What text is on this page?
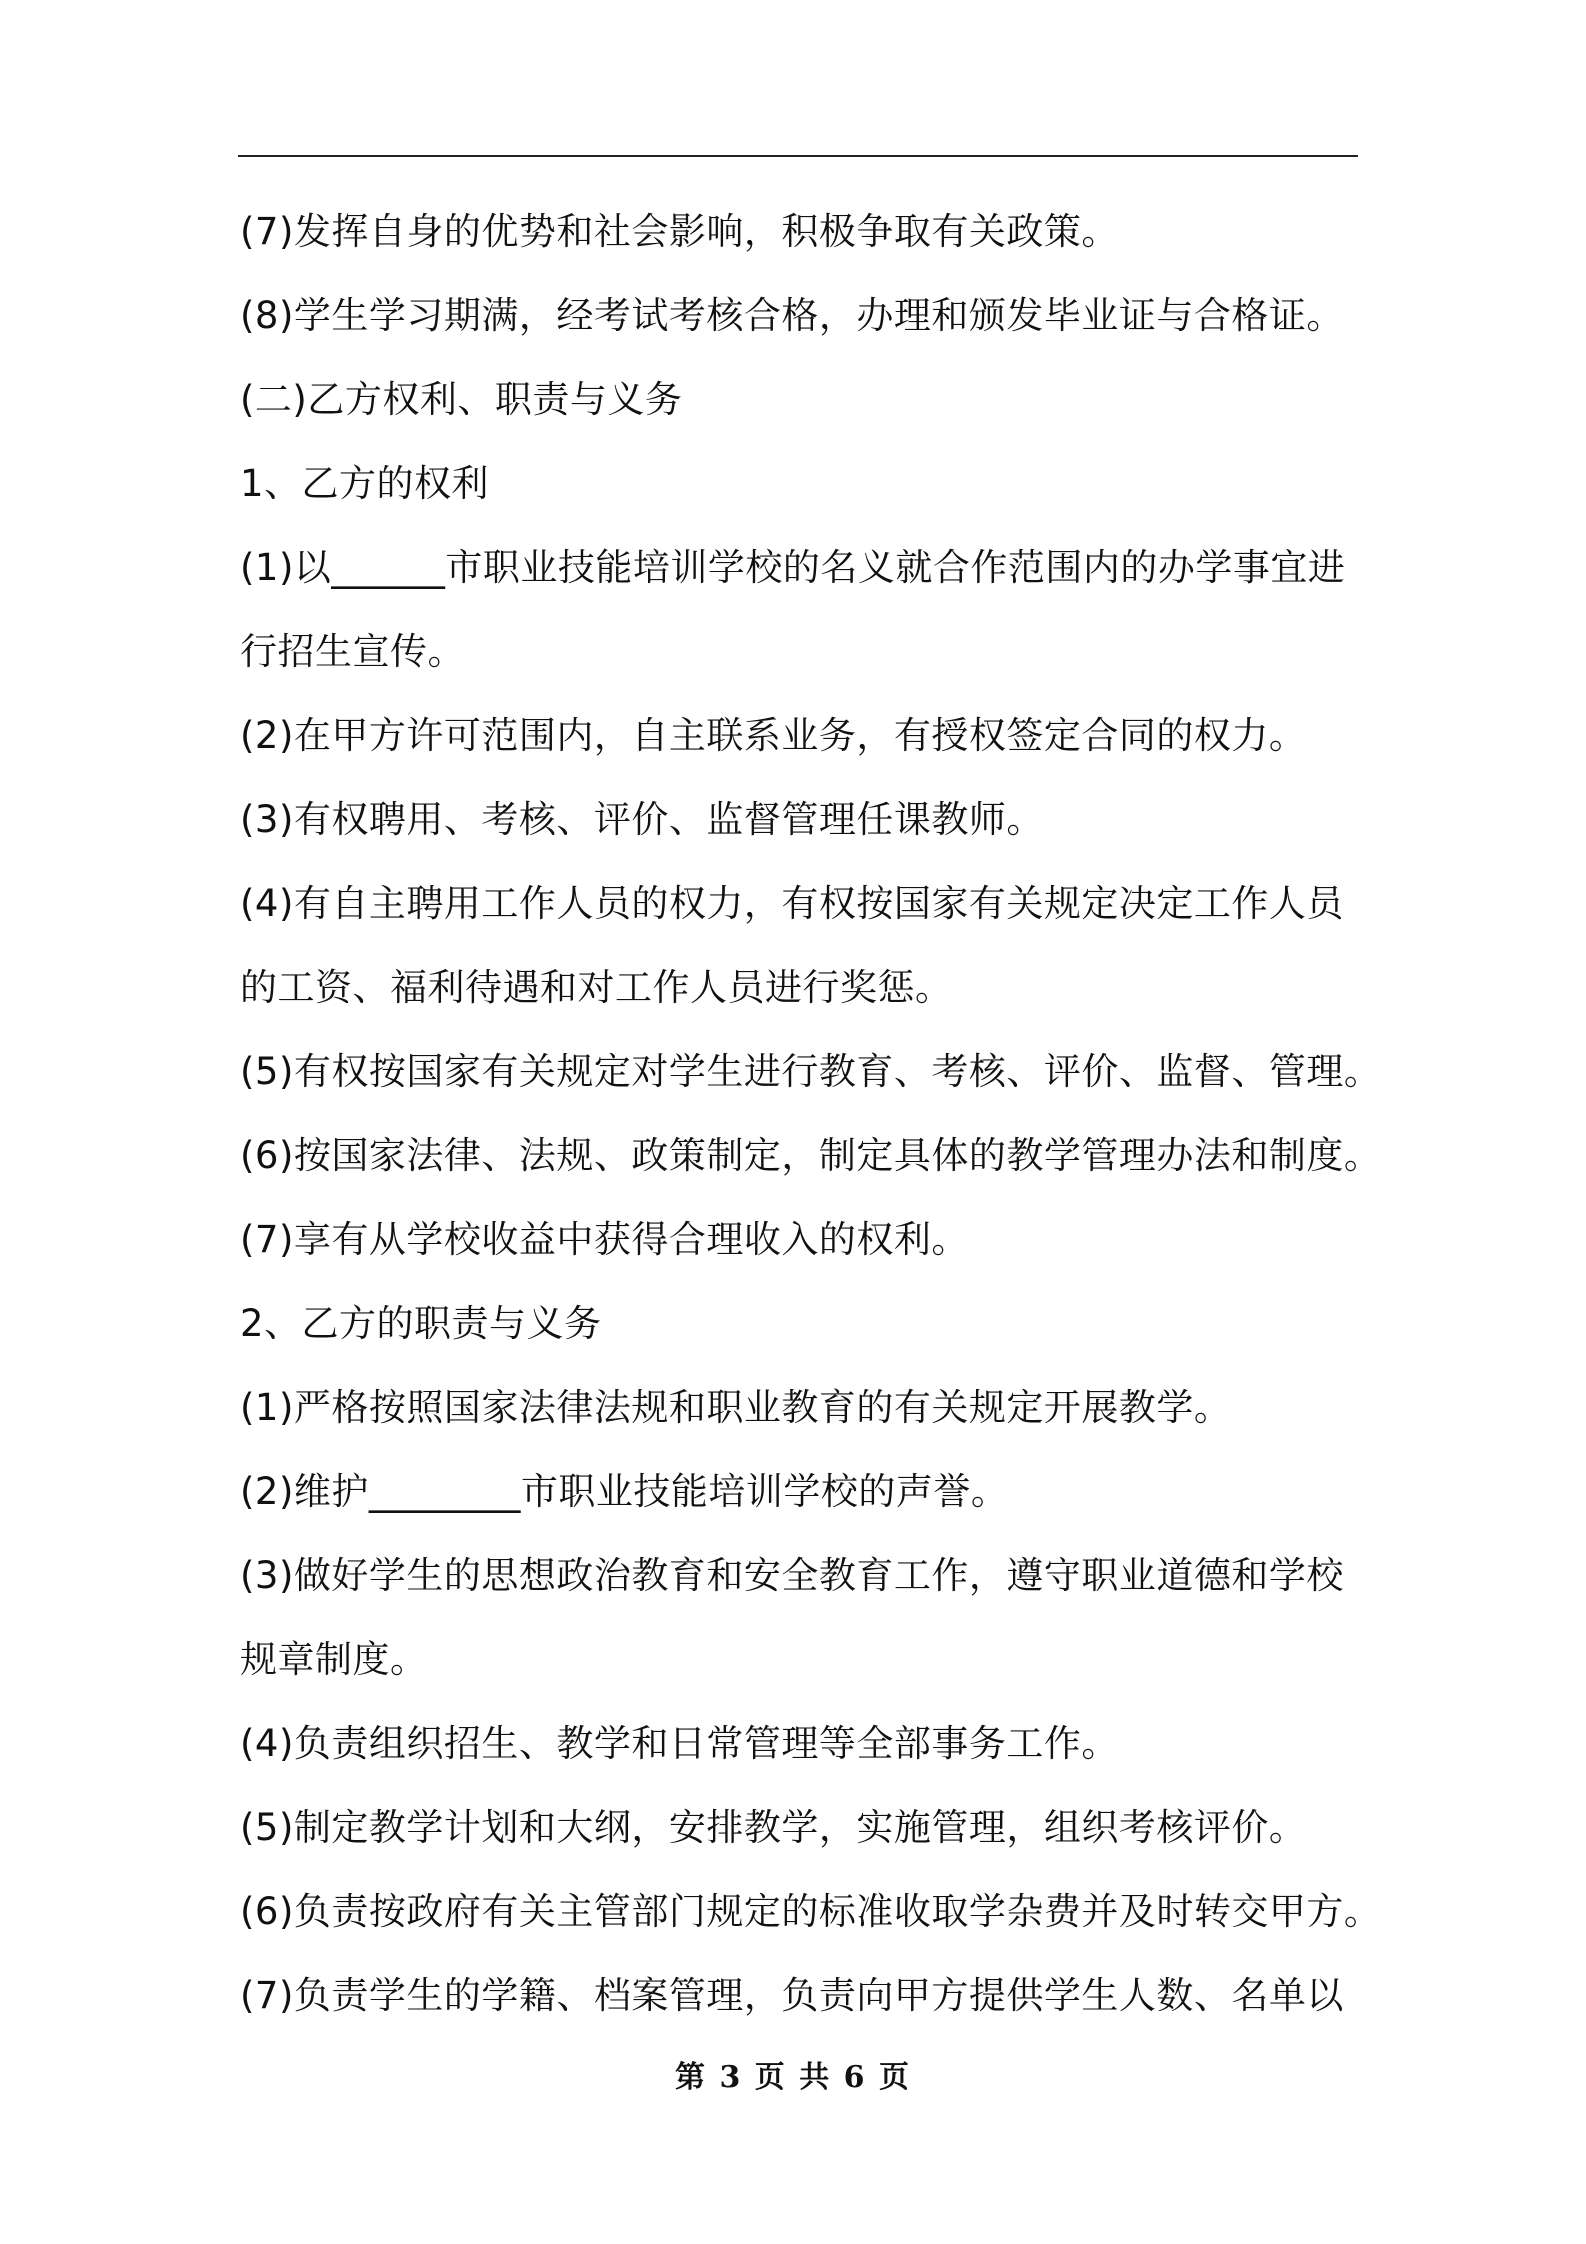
(7)发挥自身的优势和社会影响，积极争取有关政策。
(8)学生学习期满，经考试考核合格，办理和颁发毕业证与合格证。
(二)乙方权利、职责与义务
1、乙方的权利
(1)以______市职业技能培训学校的名义就合作范围内的办学事宜进
行招生宣传。
(2)在甲方许可范围内，自主联系业务，有授权签定合同的权力。
(3)有权聘用、考核、评价、监督管理任课教师。
(4)有自主聘用工作人员的权力，有权按国家有关规定决定工作人员
的工资、福利待遇和对工作人员进行奖惩。
(5)有权按国家有关规定对学生进行教育、考核、评价、监督、管理。
(6)按国家法律、法规、政策制定，制定具体的教学管理办法和制度。
(7)享有从学校收益中获得合理收入的权利。
2、乙方的职责与义务
(1)严格按照国家法律法规和职业教育的有关规定开展教学。
(2)维护________市职业技能培训学校的声誉。
(3)做好学生的思想政治教育和安全教育工作，遵守职业道德和学校
规章制度。
(4)负责组织招生、教学和日常管理等全部事务工作。
(5)制定教学计划和大纲，安排教学，实施管理，组织考核评价。
(6)负责按政府有关主管部门规定的标准收取学杂费并及时转交甲方。
(7)负责学生的学籍、档案管理，负责向甲方提供学生人数、名单以
第 3 页 共 6 页
